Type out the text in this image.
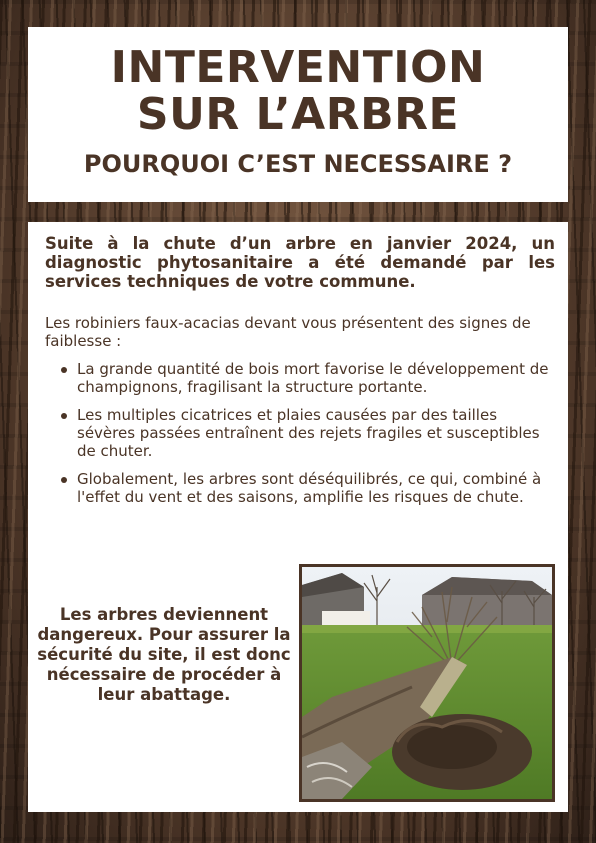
INTERVENTION
SUR L’ARBRE
POURQUOI C’EST NECESSAIRE ?
Suite à la chute d’un arbre en janvier 2024, un diagnostic phytosanitaire a été demandé par les services techniques de votre commune.
Les robiniers faux-acacias devant vous présentent des signes de faiblesse :
La grande quantité de bois mort favorise le développement de champignons, fragilisant la structure portante.
Les multiples cicatrices et plaies causées par des tailles sévères passées entraînent des rejets fragiles et susceptibles de chuter.
Globalement, les arbres sont déséquilibrés, ce qui, combiné à l'effet du vent et des saisons, amplifie les risques de chute.
Les arbres deviennent dangereux. Pour assurer la sécurité du site, il est donc nécessaire de procéder à leur abattage.
